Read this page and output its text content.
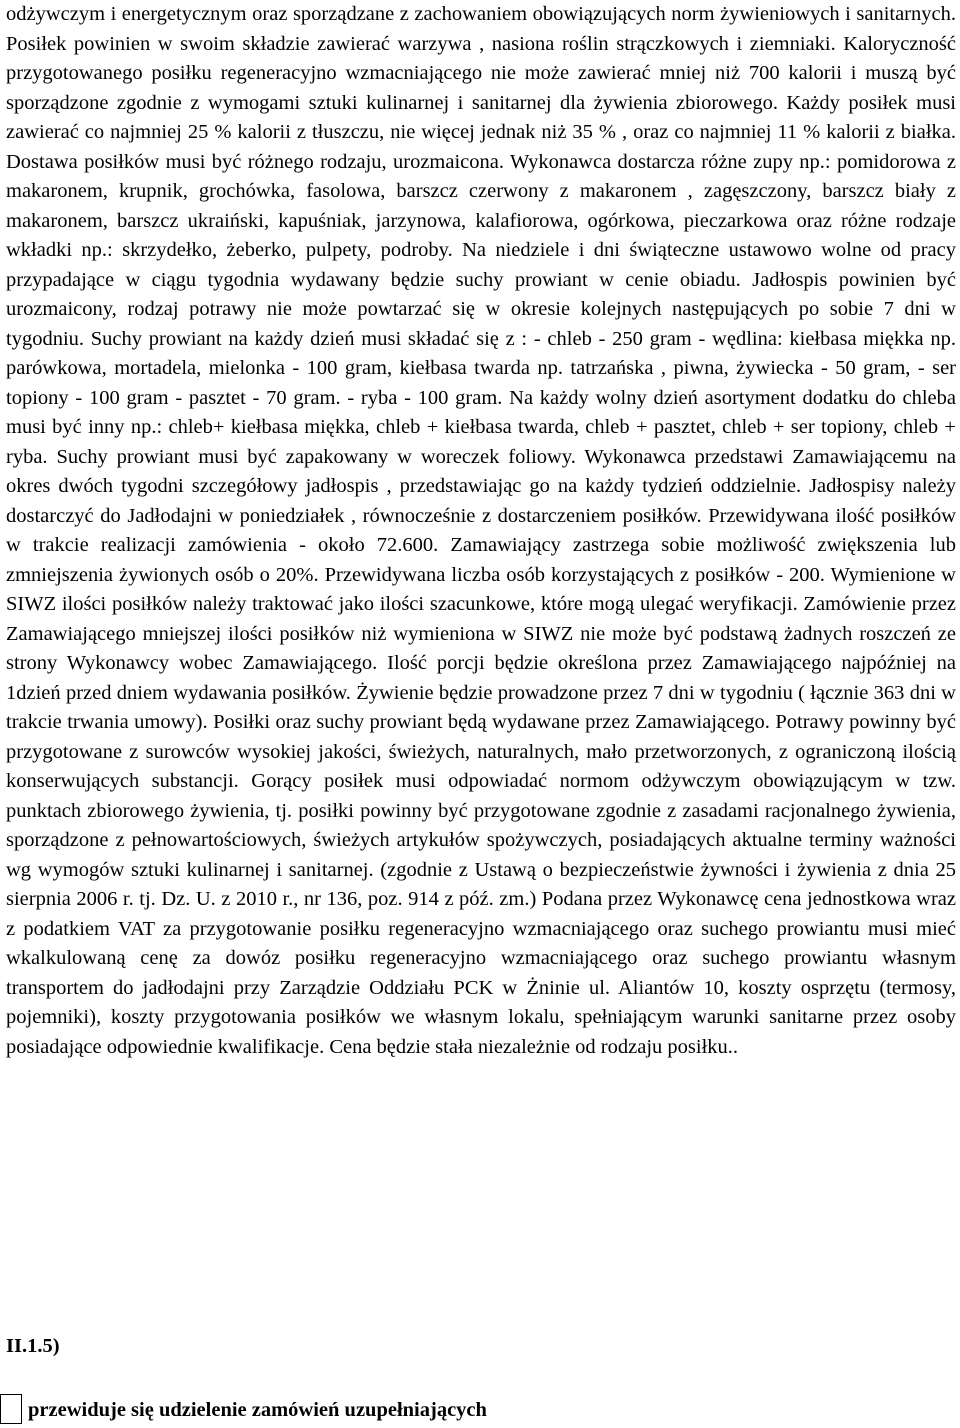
odżywczym i energetycznym oraz sporządzane z zachowaniem obowiązujących norm żywieniowych i sanitarnych. Posiłek powinien w swoim składzie zawierać warzywa , nasiona roślin strączkowych i ziemniaki. Kaloryczność przygotowanego posiłku regeneracyjno wzmacniającego nie może zawierać mniej niż 700 kalorii i muszą być sporządzone zgodnie z wymogami sztuki kulinarnej i sanitarnej dla żywienia zbiorowego. Każdy posiłek musi zawierać co najmniej 25 % kalorii z tłuszczu, nie więcej jednak niż 35 % , oraz co najmniej 11 % kalorii z białka. Dostawa posiłków musi być różnego rodzaju, urozmaicona. Wykonawca dostarcza różne zupy np.: pomidorowa z makaronem, krupnik, grochówka, fasolowa, barszcz czerwony z makaronem , zagęszczony, barszcz biały z makaronem, barszcz ukraiński, kapuśniak, jarzynowa, kalafiorowa, ogórkowa, pieczarkowa oraz różne rodzaje wkładki np.: skrzydełko, żeberko, pulpety, podroby. Na niedziele i dni świąteczne ustawowo wolne od pracy przypadające w ciągu tygodnia wydawany będzie suchy prowiant w cenie obiadu. Jadłospis powinien być urozmaicony, rodzaj potrawy nie może powtarzać się w okresie kolejnych następujących po sobie 7 dni w tygodniu. Suchy prowiant na każdy dzień musi składać się z : - chleb - 250 gram - wędlina: kiełbasa miękka np. parówkowa, mortadela, mielonka - 100 gram, kiełbasa twarda np. tatrzańska , piwna, żywiecka - 50 gram, - ser topiony - 100 gram - pasztet - 70 gram. - ryba - 100 gram. Na każdy wolny dzień asortyment dodatku do chleba musi być inny np.: chleb+ kiełbasa miękka, chleb + kiełbasa twarda, chleb + pasztet, chleb + ser topiony, chleb + ryba. Suchy prowiant musi być zapakowany w woreczek foliowy. Wykonawca przedstawi Zamawiającemu na okres dwóch tygodni szczegółowy jadłospis , przedstawiając go na każdy tydzień oddzielnie. Jadłospisy należy dostarczyć do Jadłodajni w poniedziałek , równocześnie z dostarczeniem posiłków. Przewidywana ilość posiłków w trakcie realizacji zamówienia - około 72.600. Zamawiający zastrzega sobie możliwość zwiększenia lub zmniejszenia żywionych osób o 20%. Przewidywana liczba osób korzystających z posiłków - 200. Wymienione w SIWZ ilości posiłków należy traktować jako ilości szacunkowe, które mogą ulegać weryfikacji. Zamówienie przez Zamawiającego mniejszej ilości posiłków niż wymieniona w SIWZ nie może być podstawą żadnych roszczeń ze strony Wykonawcy wobec Zamawiającego. Ilość porcji będzie określona przez Zamawiającego najpóźniej na 1dzień przed dniem wydawania posiłków. Żywienie będzie prowadzone przez 7 dni w tygodniu ( łącznie 363 dni w trakcie trwania umowy). Posiłki oraz suchy prowiant będą wydawane przez Zamawiającego. Potrawy powinny być przygotowane z surowców wysokiej jakości, świeżych, naturalnych, mało przetworzonych, z ograniczoną ilością konserwujących substancji. Gorący posiłek musi odpowiadać normom odżywczym obowiązującym w tzw. punktach zbiorowego żywienia, tj. posiłki powinny być przygotowane zgodnie z zasadami racjonalnego żywienia, sporządzone z pełnowartościowych, świeżych artykułów spożywczych, posiadających aktualne terminy ważności wg wymogów sztuki kulinarnej i sanitarnej. (zgodnie z Ustawą o bezpieczeństwie żywności i żywienia z dnia 25 sierpnia 2006 r. tj. Dz. U. z 2010 r., nr 136, poz. 914 z póź. zm.) Podana przez Wykonawcę cena jednostkowa wraz z podatkiem VAT za przygotowanie posiłku regeneracyjno wzmacniającego oraz suchego prowiantu musi mieć wkalkulowaną cenę za dowóz posiłku regeneracyjno wzmacniającego oraz suchego prowiantu własnym transportem do jadłodajni przy Zarządzie Oddziału PCK w Żninie ul. Aliantów 10, koszty osprzętu (termosy, pojemniki), koszty przygotowania posiłków we własnym lokalu, spełniającym warunki sanitarne przez osoby posiadające odpowiednie kwalifikacje. Cena będzie stała niezależnie od rodzaju posiłku..

II.1.5)
przewiduje się udzielenie zamówień uzupełniających
